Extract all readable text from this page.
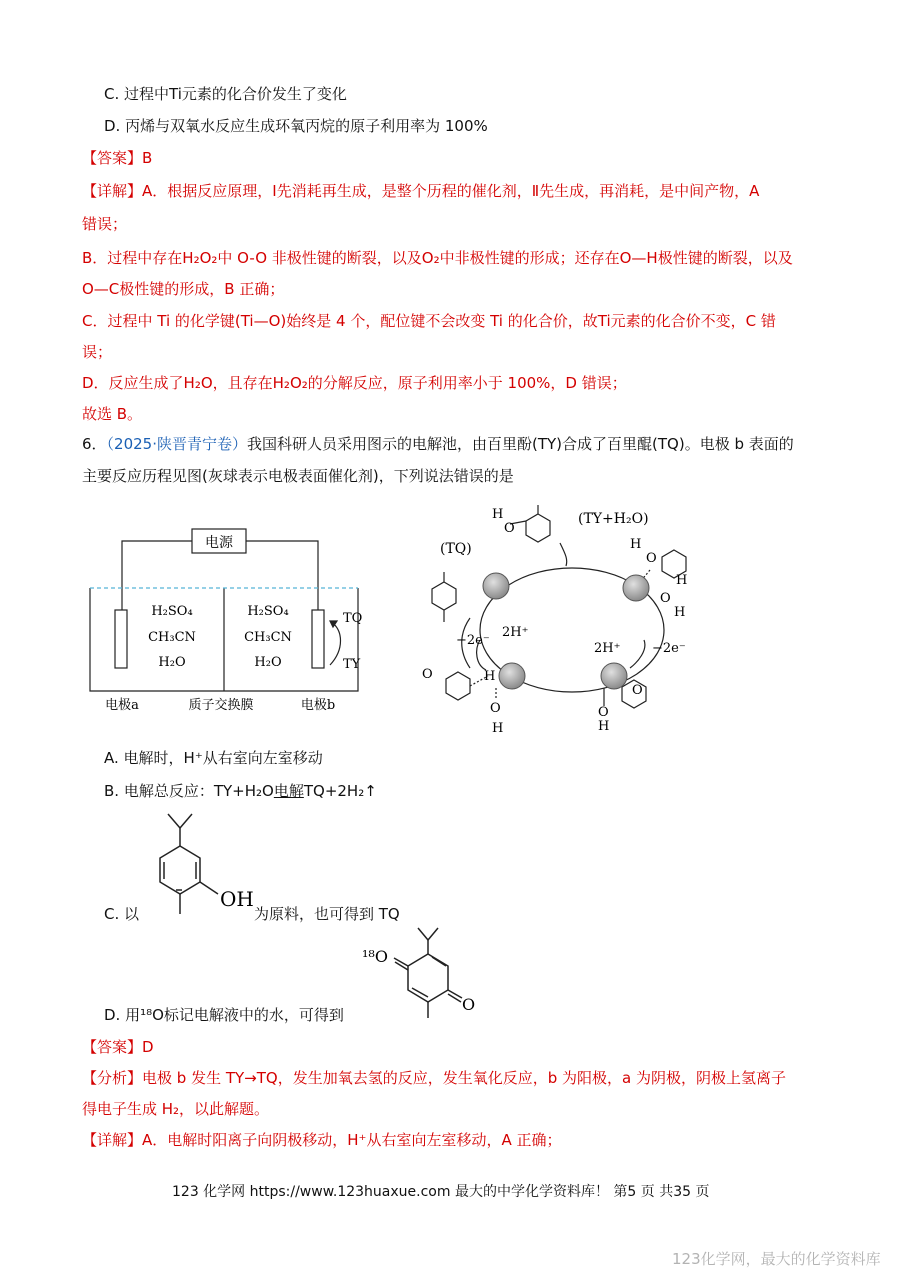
C. 过程中Ti元素的化合价发生了变化
D. 丙烯与双氧水反应生成环氧丙烷的原子利用率为 100%
【答案】B
【详解】A．根据反应原理，Ⅰ先消耗再生成，是整个历程的催化剂，Ⅱ先生成，再消耗，是中间产物，A
错误；
B．过程中存在H₂O₂中 O-O 非极性键的断裂，以及O₂中非极性键的形成；还存在O—H极性键的断裂，以及
O—C极性键的形成，B 正确；
C．过程中 Ti 的化学键(Ti—O)始终是 4 个，配位键不会改变 Ti 的化合价，故Ti元素的化合价不变，C 错
误；
D．反应生成了H₂O，且存在H₂O₂的分解反应，原子利用率小于 100%，D 错误；
故选 B。
6．（2025·陕晋青宁卷）我国科研人员采用图示的电解池，由百里酚(TY)合成了百里醌(TQ)。电极 b 表面的
主要反应历程见图(灰球表示电极表面催化剂)，下列说法错误的是
电源
H₂SO₄
CH₃CN
H₂O
H₂SO₄
CH₃CN
H₂O
TQ
TY
电极a	质子交换膜	电极b
(TY+H₂O)
(TQ)
H
O
H
O
H
O
H
−2e⁻
2H⁺
2H⁺ −2e⁻
O	H
O
H
O
H
O
A. 电解时，H⁺从右室向左室移动
B. 电解总反应：TY+H₂O电解TQ+2H₂↑
OH
C. 以	为原料，也可得到 TQ
¹⁸O
O
D. 用¹⁸O标记电解液中的水，可得到
【答案】D
【分析】电极 b 发生 TY→TQ，发生加氧去氢的反应，发生氧化反应，b 为阳极，a 为阴极，阴极上氢离子
得电子生成 H₂，以此解题。
【详解】A．电解时阳离子向阴极移动，H⁺从右室向左室移动，A 正确；
123 化学网 https://www.123huaxue.com 最大的中学化学资料库！ 第5 页 共35 页
123化学网，最大的化学资料库
